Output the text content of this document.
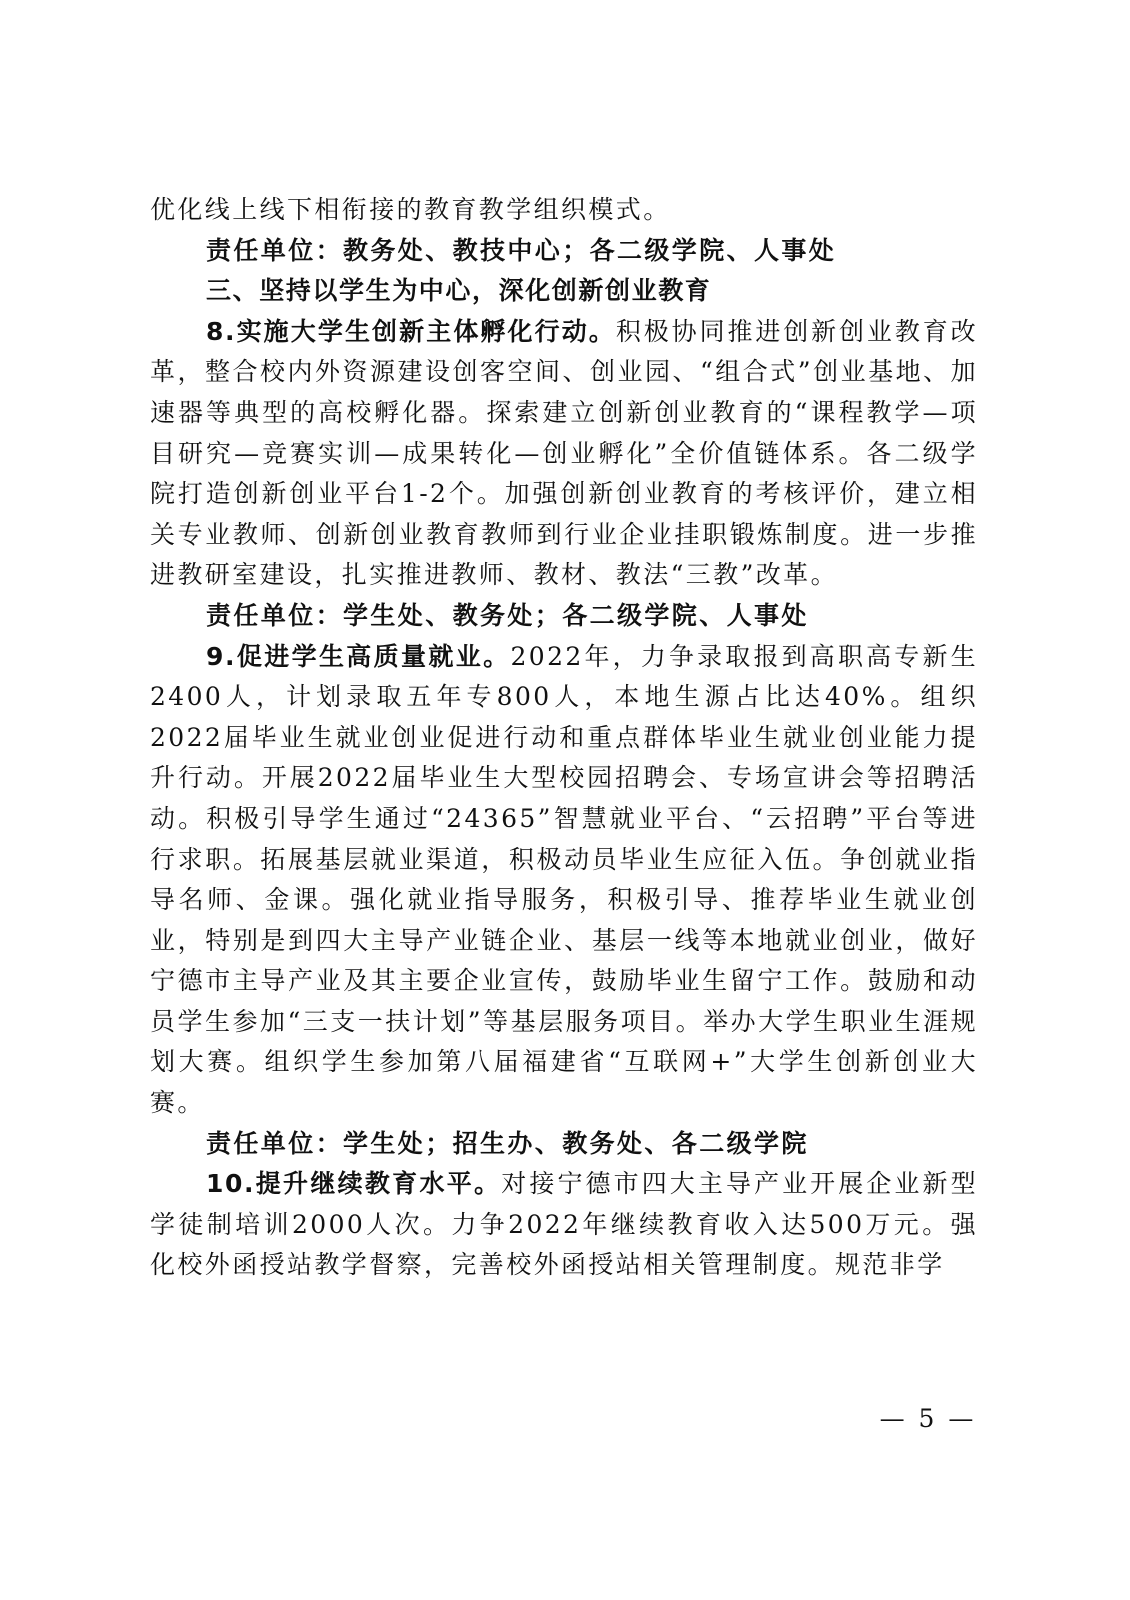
优化线上线下相衔接的教育教学组织模式。

责任单位：教务处、教技中心；各二级学院、人事处

三、坚持以学生为中心，深化创新创业教育

8.实施大学生创新主体孵化行动。积极协同推进创新创业教育改革，整合校内外资源建设创客空间、创业园、“组合式”创业基地、加速器等典型的高校孵化器。探索建立创新创业教育的“课程教学—项目研究—竞赛实训—成果转化—创业孵化”全价值链体系。各二级学院打造创新创业平台1-2个。加强创新创业教育的考核评价，建立相关专业教师、创新创业教育教师到行业企业挂职锻炼制度。进一步推进教研室建设，扎实推进教师、教材、教法“三教”改革。

责任单位：学生处、教务处；各二级学院、人事处

9.促进学生高质量就业。2022年，力争录取报到高职高专新生2400人，计划录取五年专800人，本地生源占比达40%。组织2022届毕业生就业创业促进行动和重点群体毕业生就业创业能力提升行动。开展2022届毕业生大型校园招聘会、专场宣讲会等招聘活动。积极引导学生通过“24365”智慧就业平台、“云招聘”平台等进行求职。拓展基层就业渠道，积极动员毕业生应征入伍。争创就业指导名师、金课。强化就业指导服务，积极引导、推荐毕业生就业创业，特别是到四大主导产业链企业、基层一线等本地就业创业，做好宁德市主导产业及其主要企业宣传，鼓励毕业生留宁工作。鼓励和动员学生参加“三支一扶计划”等基层服务项目。举办大学生职业生涯规划大赛。组织学生参加第八届福建省“互联网+”大学生创新创业大赛。

责任单位：学生处；招生办、教务处、各二级学院

10.提升继续教育水平。对接宁德市四大主导产业开展企业新型学徒制培训2000人次。力争2022年继续教育收入达500万元。强化校外函授站教学督察，完善校外函授站相关管理制度。规范非学

— 5 —
